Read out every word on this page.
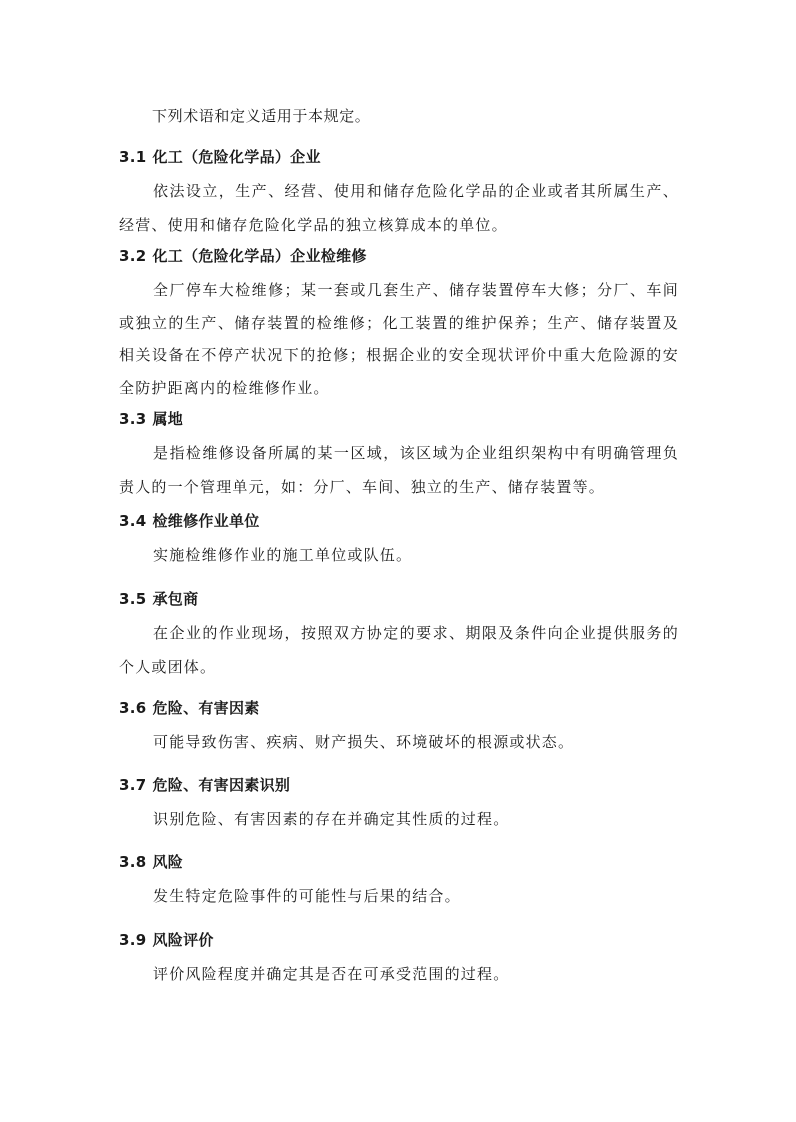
下列术语和定义适用于本规定。
3.1 化工（危险化学品）企业
依法设立，生产、经营、使用和储存危险化学品的企业或者其所属生产、经营、使用和储存危险化学品的独立核算成本的单位。
3.2 化工（危险化学品）企业检维修
全厂停车大检维修；某一套或几套生产、储存装置停车大修；分厂、车间或独立的生产、储存装置的检维修；化工装置的维护保养；生产、储存装置及相关设备在不停产状况下的抢修；根据企业的安全现状评价中重大危险源的安全防护距离内的检维修作业。
3.3 属地
是指检维修设备所属的某一区域，该区域为企业组织架构中有明确管理负责人的一个管理单元，如：分厂、车间、独立的生产、储存装置等。
3.4 检维修作业单位
实施检维修作业的施工单位或队伍。
3.5 承包商
在企业的作业现场，按照双方协定的要求、期限及条件向企业提供服务的个人或团体。
3.6 危险、有害因素
可能导致伤害、疾病、财产损失、环境破坏的根源或状态。
3.7 危险、有害因素识别
识别危险、有害因素的存在并确定其性质的过程。
3.8 风险
发生特定危险事件的可能性与后果的结合。
3.9 风险评价
评价风险程度并确定其是否在可承受范围的过程。
